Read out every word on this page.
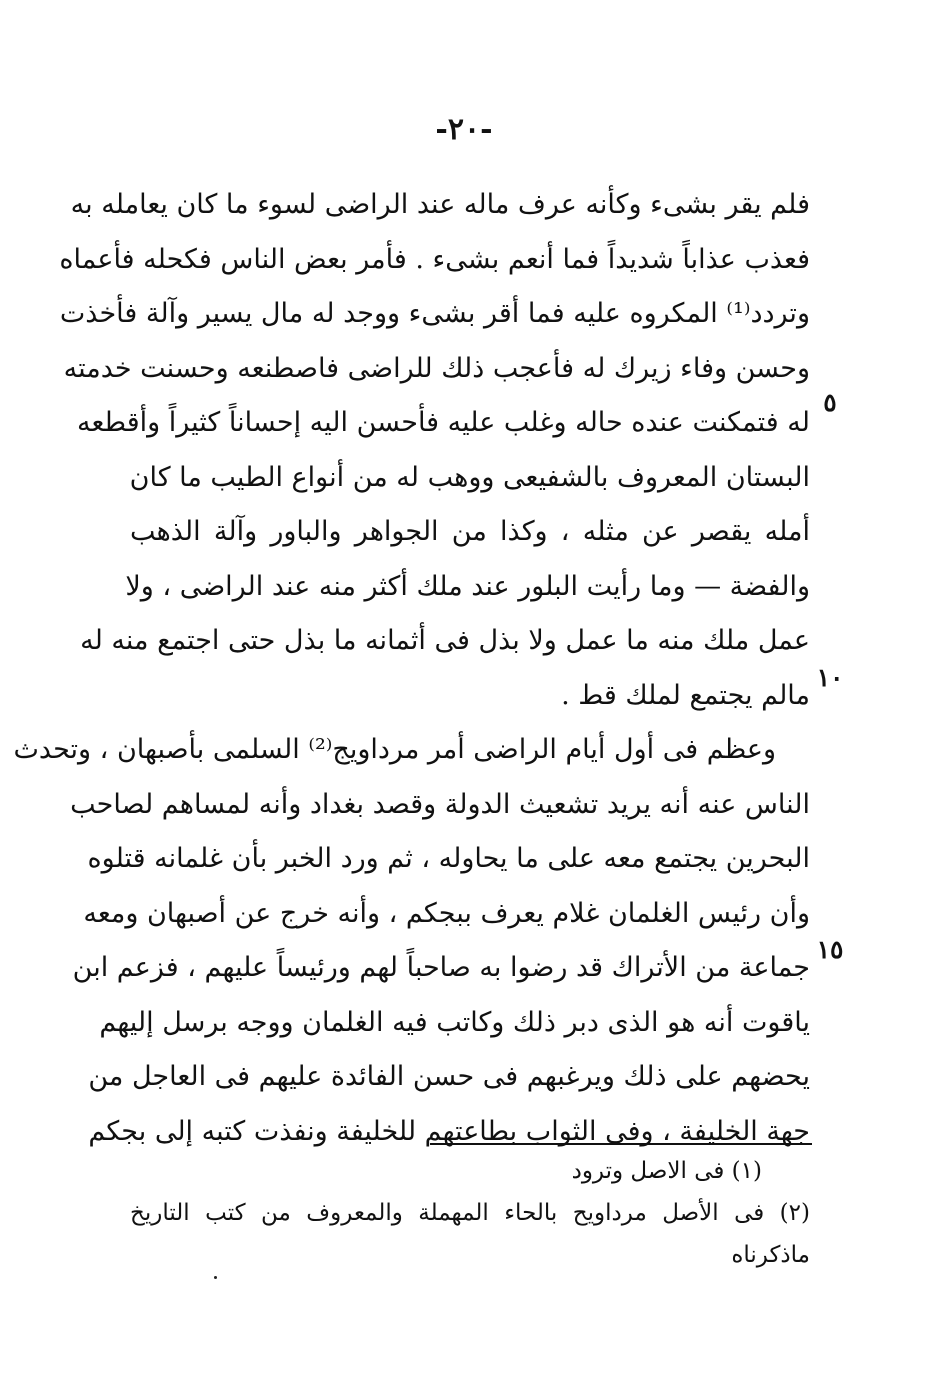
-٢٠-
فلم يقر بشىء وكأنه عرف ماله عند الراضى لسوء ما كان يعامله به
فعذب عذاباً شديداً فما أنعم بشىء . فأمر بعض الناس فكحله فأعماه
وتردد⁽¹⁾ المكروه عليه فما أقر بشىء ووجد له مال يسير وآلة فأخذت
وحسن وفاء زيرك له فأعجب ذلك للراضى فاصطنعه وحسنت خدمته
له فتمكنت عنده حاله وغلب عليه فأحسن اليه إحساناً كثيراً وأقطعه
البستان المعروف بالشفيعى ووهب له من أنواع الطيب ما كان
أمله يقصر عن مثله ، وكذا من الجواهر والباور وآلة الذهب
والفضة — وما رأيت البلور عند ملك أكثر منه عند الراضى ، ولا
عمل ملك منه ما عمل ولا بذل فى أثمانه ما بذل حتى اجتمع منه له
مالم يجتمع لملك قط .
وعظم فى أول أيام الراضى أمر مرداويج⁽²⁾ السلمى بأصبهان ، وتحدث
الناس عنه أنه يريد تشعيث الدولة وقصد بغداد وأنه لمساهم لصاحب
البحرين يجتمع معه على ما يحاوله ، ثم ورد الخبر بأن غلمانه قتلوه
وأن رئيس الغلمان غلام يعرف ببجكم ، وأنه خرج عن أصبهان ومعه
جماعة من الأتراك قد رضوا به صاحباً لهم ورئيساً عليهم ، فزعم ابن
ياقوت أنه هو الذى دبر ذلك وكاتب فيه الغلمان ووجه برسل إليهم
يحضهم على ذلك ويرغبهم فى حسن الفائدة عليهم فى العاجل من
جهة الخليفة ، وفى الثواب بطاعتهم للخليفة ونفذت كتبه إلى بجكم
٥
١٠
١٥
(١) فى الاصل وترود
(٢) فى الأصل مرداويح بالحاء المهملة والمعروف من كتب التاريخ
ماذكرناه
